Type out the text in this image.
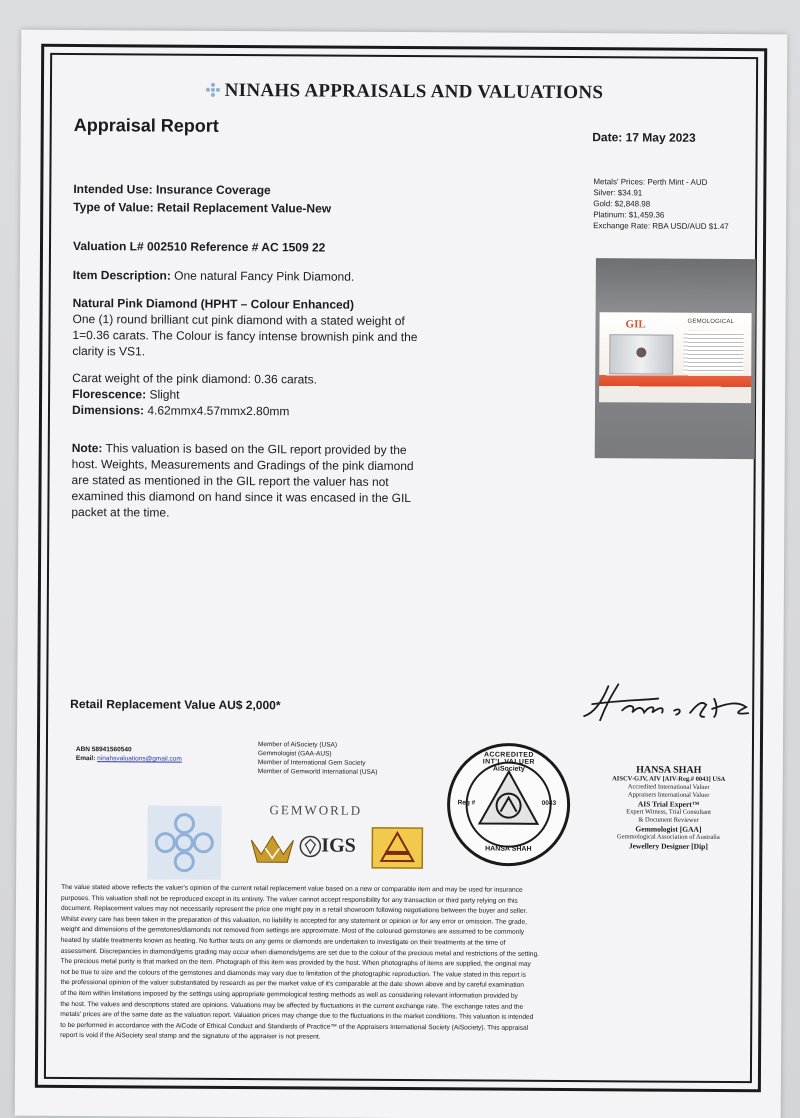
NINAHS APPRAISALS AND VALUATIONS
Appraisal Report
Date: 17 May 2023
Intended Use: Insurance Coverage
Type of Value: Retail Replacement Value-New
Valuation L# 002510 Reference # AC 1509 22
Item Description: One natural Fancy Pink Diamond.
Natural Pink Diamond (HPHT – Colour Enhanced)
One (1) round brilliant cut pink diamond with a stated weight of
1=0.36 carats. The Colour is fancy intense brownish pink and the
clarity is VS1.
Carat weight of the pink diamond: 0.36 carats.
Florescence: Slight
Dimensions: 4.62mmx4.57mmx2.80mm
Note: This valuation is based on the GIL report provided by the
host. Weights, Measurements and Gradings of the pink diamond
are stated as mentioned in the GIL report the valuer has not
examined this diamond on hand since it was encased in the GIL
packet at the time.
Metals' Prices: Perth Mint - AUD
Silver: $34.91
Gold: $2,848.98
Platinum: $1,459.36
Exchange Rate: RBA USD/AUD $1.47
GIL	GEMOLOGICAL
Retail Replacement Value AU$ 2,000*
ABN 58941560540
Email: ninahsvaluations@gmail.com
Member of AiSociety (USA)
Gemmologist (GAA-AUS)
Member of International Gem Society
Member of Gemworld International (USA)
GEMWORLD
IGS
ACCREDITED INT'L VALUER
AiSociety
Reg #	0043
HANSA SHAH
HANSA SHAH
AISCV-GJV, AIV [AIV-Reg.# 0043] USA
Accredited International Valuer
Appraisers International Valuer
AIS Trial Expert™
Expert Witness, Trial Consultant
& Document Reviewer
Gemmologist [GAA]
Gemmological Association of Australia
Jewellery Designer [Dip]
The value stated above reflects the valuer's opinion of the current retail replacement value based on a new or comparable item and may be used for insurance
purposes. This valuation shall not be reproduced except in its entirety. The valuer cannot accept responsibility for any transaction or third party relying on this
document. Replacement values may not necessarily represent the price one might pay in a retail showroom following negotiations between the buyer and seller.
Whilst every care has been taken in the preparation of this valuation, no liability is accepted for any statement or opinion or for any error or omission. The grade,
weight and dimensions of the gemstones/diamonds not removed from settings are approximate. Most of the coloured gemstones are assumed to be commonly
heated by stable treatments known as heating. No further tests on any gems or diamonds are undertaken to investigate on their treatments at the time of
assessment. Discrepancies in diamond/gems grading may occur when diamonds/gems are set due to the colour of the precious metal and restrictions of the setting.
The precious metal purity is that marked on the item. Photograph of this item was provided by the host. When photographs of items are supplied, the original may
not be true to size and the colours of the gemstones and diamonds may vary due to limitation of the photographic reproduction. The value stated in this report is
the professional opinion of the valuer substantiated by research as per the market value of it's comparable at the date shown above and by careful examination
of the item within limitations imposed by the settings using appropriate gemmological testing methods as well as considering relevant information provided by
the host. The values and descriptions stated are opinions. Valuations may be affected by fluctuations in the current exchange rate. The exchange rates and the
metals' prices are of the same date as the valuation report. Valuation prices may change due to the fluctuations in the market conditions. This valuation is intended
to be performed in accordance with the AiCode of Ethical Conduct and Standards of Practice™ of the Appraisers International Society (AiSociety). This appraisal
report is void if the AiSociety seal stamp and the signature of the appraiser is not present.
